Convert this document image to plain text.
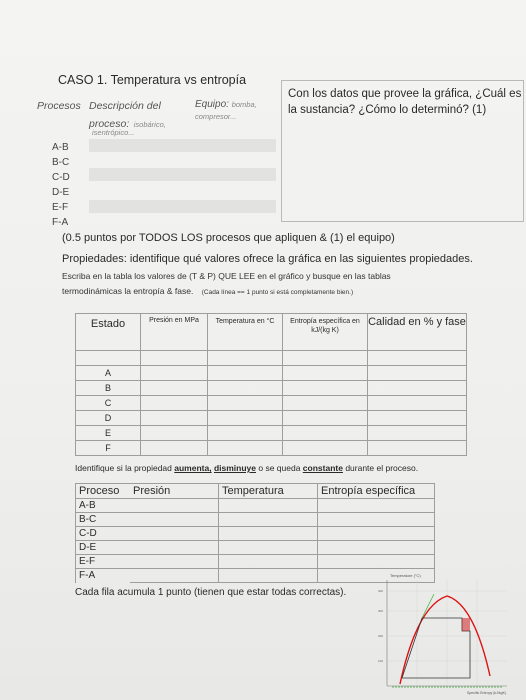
CASO 1. Temperatura vs entropía
Procesos Descripción del
proceso: isobárico,
isentrópico...
Equipo: bomba,
compresor...
A-B
B-C
C-D
D-E
E-F
F-A
Con los datos que provee la gráfica, ¿Cuál es la sustancia? ¿Cómo lo determinó? (1)
(0.5 puntos por TODOS LOS procesos que apliquen & (1) el equipo)
Propiedades: identifique qué valores ofrece la gráfica en las siguientes propiedades.
Escriba en la tabla los valores de (T & P) QUE LEE en el gráfico y busque en las tablas
termodinámicas la entropía & fase. (Cada línea == 1 punto si está completamente bien.)
Estado	Presión en MPa	Temperatura en °C	Entropía específica en kJ/(kg K)	Calidad en % y fase

A				
B				
C				
D				
E				
F				
Identifique si la propiedad aumenta, disminuye o se queda constante durante el proceso.
Proceso	Presión	Temperatura	Entropía específica
A-B			
B-C			
C-D			
D-E			
E-F			
F-A			
Cada fila acumula 1 punto (tienen que estar todas correctas).
Temperature (°C)
400
300
200
100
Specific Entropy (kJ/kgK)
